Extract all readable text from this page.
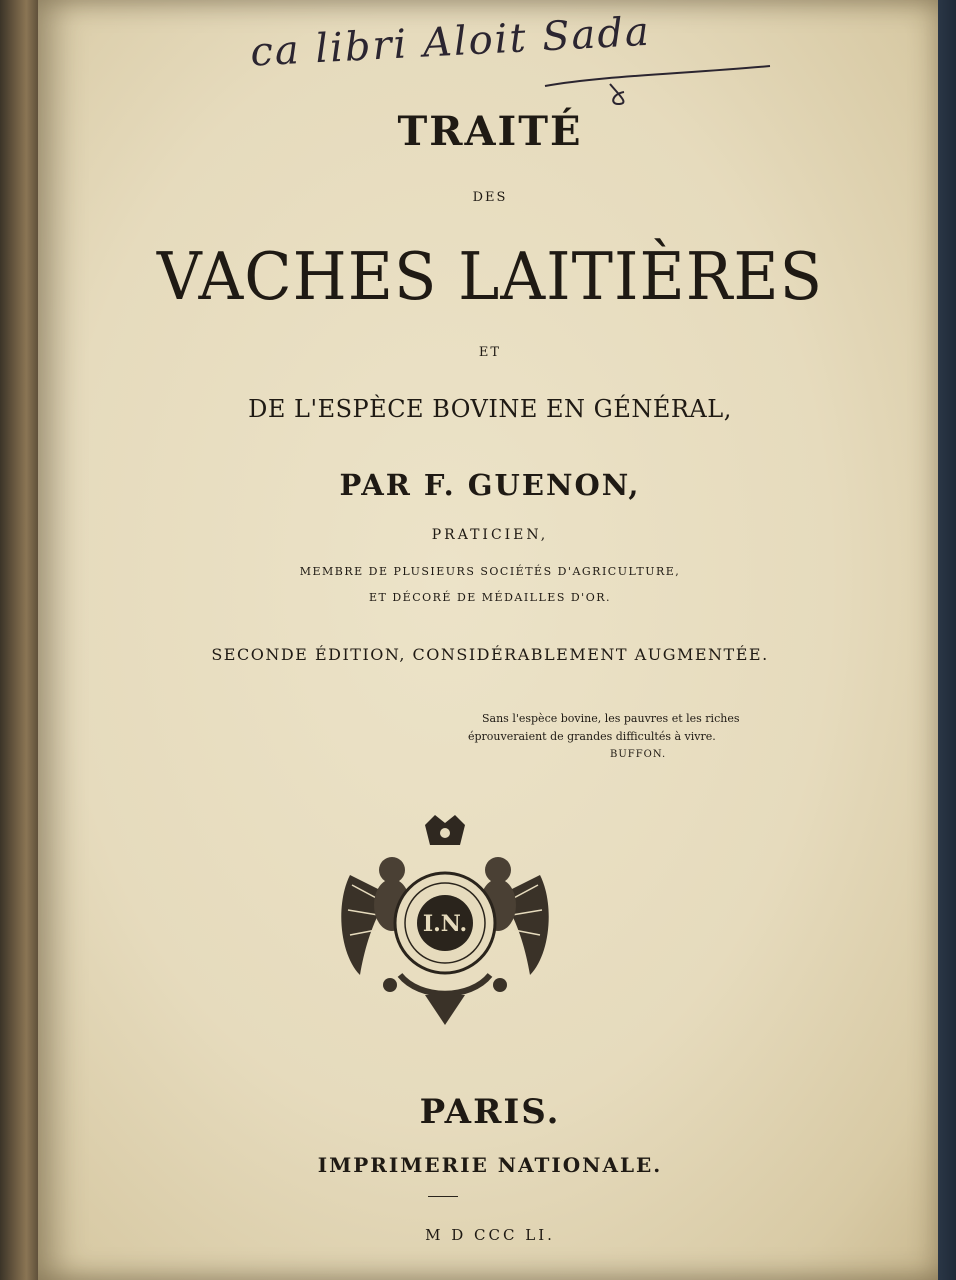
ca libri Aloit Sada
TRAITÉ
DES
VACHES LAITIÈRES
ET
DE L'ESPÈCE BOVINE EN GÉNÉRAL,
PAR F. GUENON,
PRATICIEN,
MEMBRE DE PLUSIEURS SOCIÉTÉS D'AGRICULTURE,
ET DÉCORÉ DE MÉDAILLES D'OR.
SECONDE ÉDITION, CONSIDÉRABLEMENT AUGMENTÉE.
Sans l'espèce bovine, les pauvres et les riches
éprouveraient de grandes difficultés à vivre.
BUFFON.
I.N.
PARIS.
IMPRIMERIE NATIONALE.
M D CCC LI.
